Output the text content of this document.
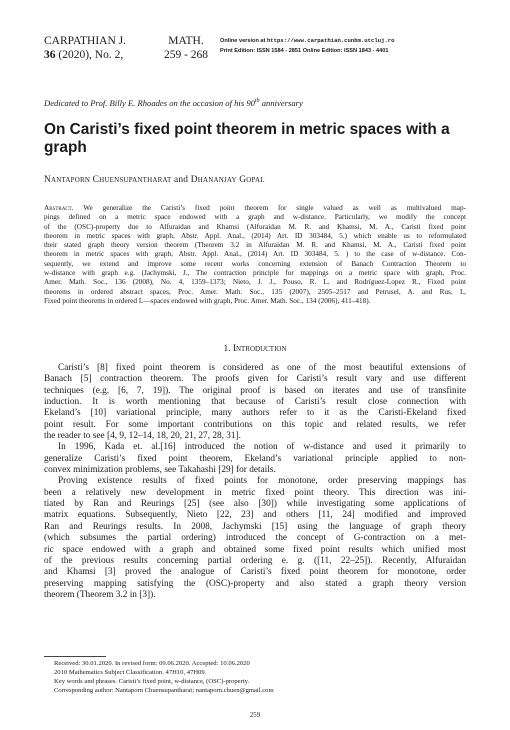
CARPATHIAN J.
36 (2020), No. 2,
MATH.
259 - 268
Online version at https://www.carpathian.cunbm.utcluj.ro
Print Edition: ISSN 1584 - 2851 Online Edition: ISSN 1843 - 4401
Dedicated to Prof. Billy E. Rhoades on the occasion of his 90th anniversary
On Caristi’s fixed point theorem in metric spaces with a
graph
Nantaporn Chuensupantharat and Dhananjay Gopal
Abstract. We generalize the Caristi’s fixed point theorem for single valued as well as multivalued map-
pings defined on a metric space endowed with a graph and w-distance. Particularly, we modify the concept
of the (OSC)-property due to Alfuraidan and Khamsi (Alfuraidan M. R. and Khamsi, M. A., Caristi fixed point
theorem in metric spaces with graph, Abstr. Appl. Anal., (2014) Art. ID 303484, 5.) which enable us to reformulated
their stated graph theory version theorem (Theorem 3.2 in Alfuraidan M. R. and Khamsi, M. A., Caristi fixed point
theorem in metric spaces with graph, Abstr. Appl. Anal., (2014) Art. ID 303484, 5. ) to the case of w-distance. Con-
sequently, we extend and improve some recent works concerning extension of Banach Contraction Theorem to
w-distance with graph e.g. (Jachymski, J., The contraction principle for mappings on a metric space with graph, Proc.
Amer. Math. Soc., 136 (2008), No. 4, 1359–1373; Nieto, J. J., Pouso, R. L. and Rodríguez-Lopez R., Fixed point
theorems in ordered abstract spaces, Proc. Amer. Math. Soc., 135 (2007), 2505–2517 and Petrusel, A. and Rus, I.,
Fixed point theorems in ordered L—spaces endowed with graph, Proc. Amer. Math. Soc., 134 (2006), 411–418).
1. Introduction
Caristi’s [8] fixed point theorem is considered as one of the most beautiful extensions of
Banach [5] contraction theorem. The proofs given for Caristi’s result vary and use different
techniques (e.g. [6, 7, 19]). The original proof is based on iterates and use of transfinite
induction. It is worth mentioning that because of Caristi’s result close connection with
Ekeland’s [10] variational principle, many authors refer to it as the Caristi-Ekeland fixed
point result. For some important contributions on this topic and related results, we refer
the reader to see [4, 9, 12–14, 18, 20, 21, 27, 28, 31].
In 1996, Kada et. al.[16] introduced the notion of w-distance and used it primarily to
generalize Caristi’s fixed point theorem, Ekeland’s variational principle applied to non-
convex minimization problems, see Takahashi [29] for details.
Proving existence results of fixed points for monotone, order preserving mappings has
been a relatively new development in metric fixed point theory. This direction was ini-
tiated by Ran and Reurings [25] (see also [30]) while investigating some applications of
matrix equations. Subsequently, Nieto [22, 23] and others [11, 24] modified and improved
Ran and Reurings results. In 2008, Jachymski [15] using the language of graph theory
(which subsumes the partial ordering) introduced the concept of G-contraction on a met-
ric space endowed with a graph and obtained some fixed point results which unified most
of the previous results concerning partial ordering e. g. ([11, 22–25]). Recently, Alfuraidan
and Khamsi [3] proved the analogue of Caristi’s fixed point theorem for monotone, order
preserving mapping satisfying the (OSC)-property and also stated a graph theory version
theorem (Theorem 3.2 in [3]).
Received: 30.01.2020. In revised form: 09.06.2020. Accepted: 10.06.2020
2010 Mathematics Subject Classification. 47H10, 47H09.
Key words and phrases. Caristi’s fixed point, w-distance, (OSC)-property.
Corresponding author: Nantaporn Chuensupantharat; nantaporn.chuen@gmail.com
259
